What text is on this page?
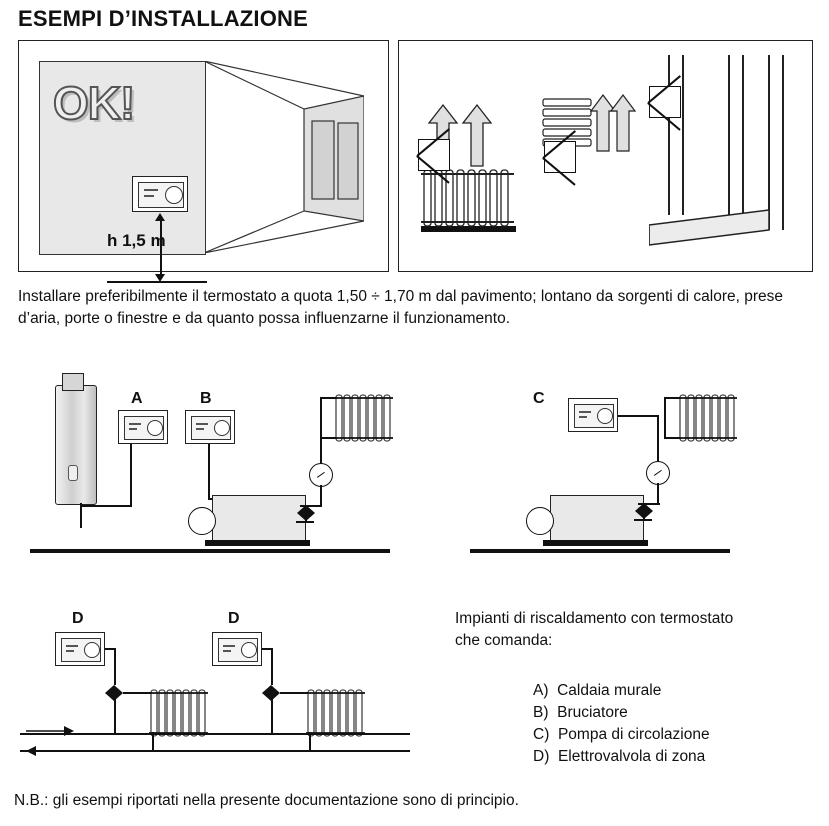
ESEMPI D’INSTALLAZIONE
OK!
h 1,5 m
Installare preferibilmente il termostato a quota 1,50 ÷ 1,70 m dal pavimento; lontano da sorgenti di calore, prese d’aria, porte o finestre e da quanto possa influenzarne il funzionamento.
A	B	C
D	D	Impianti di riscaldamento con termostato
che comanda:
A)  Caldaia murale
B)  Bruciatore
C)  Pompa di circolazione
D)  Elettrovalvola di zona
N.B.: gli esempi riportati nella presente documentazione sono di principio.
